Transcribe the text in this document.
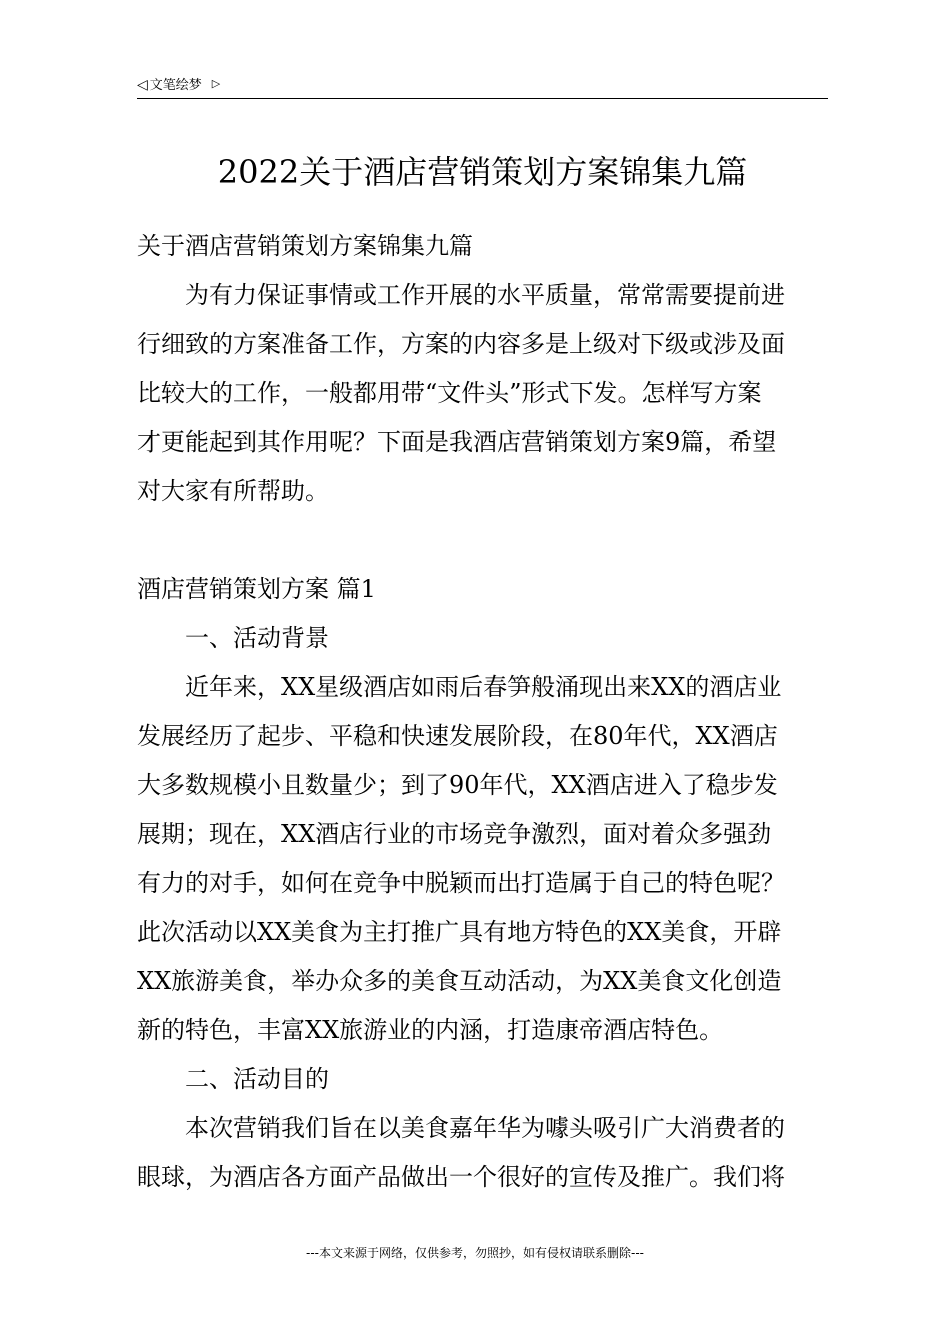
◁ 文笔绘梦 ▷
2022关于酒店营销策划方案锦集九篇

关于酒店营销策划方案锦集九篇

为有力保证事情或工作开展的水平质量，常常需要提前进

行细致的方案准备工作，方案的内容多是上级对下级或涉及面
比较大的工作，一般都用带“文件头”形式下发。怎样写方案
才更能起到其作用呢？下面是我酒店营销策划方案9篇，希望
对大家有所帮助。

酒店营销策划方案 篇1

一、活动背景

近年来，XX星级酒店如雨后春笋般涌现出来XX的酒店业

发展经历了起步、平稳和快速发展阶段，在80年代，XX酒店
大多数规模小且数量少；到了90年代，XX酒店进入了稳步发
展期；现在，XX酒店行业的市场竞争激烈，面对着众多强劲
有力的对手，如何在竞争中脱颖而出打造属于自己的特色呢？
此次活动以XX美食为主打推广具有地方特色的XX美食，开辟
XX旅游美食，举办众多的美食互动活动，为XX美食文化创造
新的特色，丰富XX旅游业的内涵，打造康帝酒店特色。

二、活动目的

本次营销我们旨在以美食嘉年华为噱头吸引广大消费者的

眼球，为酒店各方面产品做出一个很好的宣传及推广。我们将

---本文来源于网络，仅供参考，勿照抄，如有侵权请联系删除---
